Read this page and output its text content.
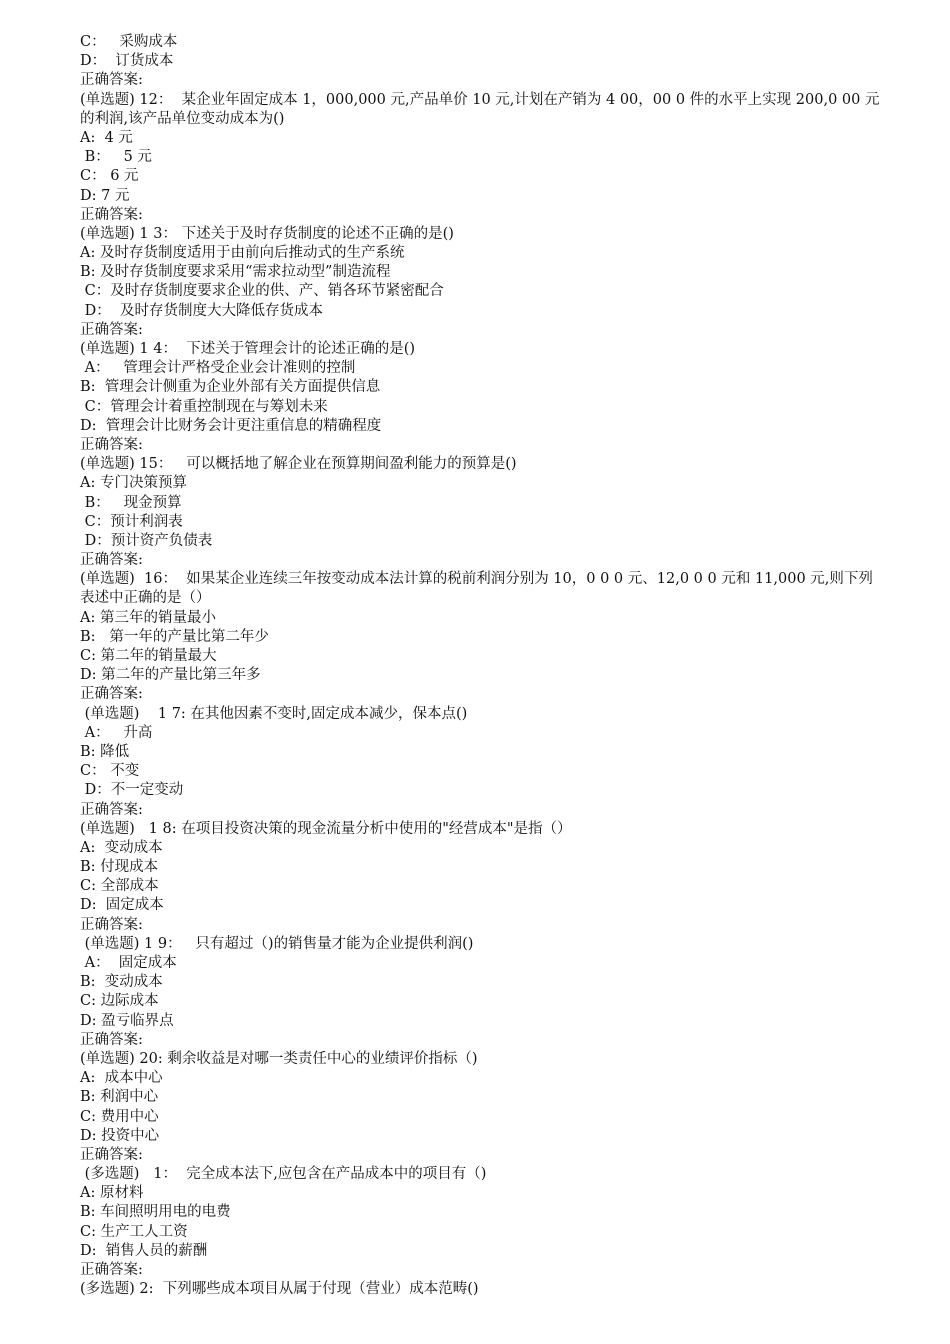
C：   采购成本
D：  订货成本
正确答案:
(单选题) 12：  某企业年固定成本 1，000,000 元,产品单价 10 元,计划在产销为 4 00，00 0 件的水平上实现 200,0 00 元的利润,该产品单位变动成本为()
A:  4 元
B：   5 元
C： 6 元
D: 7 元
正确答案:
(单选题) 1 3： 下述关于及时存货制度的论述不正确的是()
A: 及时存货制度适用于由前向后推动式的生产系统
B: 及时存货制度要求采用“需求拉动型”制造流程
C：及时存货制度要求企业的供、产、销各环节紧密配合
D：  及时存货制度大大降低存货成本
正确答案:
(单选题) 1 4：  下述关于管理会计的论述正确的是()
A：   管理会计严格受企业会计准则的控制
B:  管理会计侧重为企业外部有关方面提供信息
C：管理会计着重控制现在与筹划未来
D:  管理会计比财务会计更注重信息的精确程度
正确答案:
(单选题) 15：   可以概括地了解企业在预算期间盈利能力的预算是()
A: 专门决策预算
B：   现金预算
C：预计利润表
D：预计资产负债表
正确答案:
(单选题)  16：  如果某企业连续三年按变动成本法计算的税前利润分别为 10，0 0 0 元、12,0 0 0 元和 11,000 元,则下列表述中正确的是（）
A: 第三年的销量最小
B:   第一年的产量比第二年少
C: 第二年的销量最大
D: 第二年的产量比第三年多
正确答案:
(单选题)    1 7: 在其他因素不变时,固定成本减少，保本点()
A：   升高
B: 降低
C： 不变
D：不一定变动
正确答案:
(单选题)   1 8: 在项目投资决策的现金流量分析中使用的"经营成本"是指（）
A:  变动成本
B: 付现成本
C: 全部成本
D:  固定成本
正确答案:
(单选题) 1 9：   只有超过（)的销售量才能为企业提供利润()
A：  固定成本
B:  变动成本
C: 边际成本
D: 盈亏临界点
正确答案:
(单选题) 20: 剩余收益是对哪一类责任中心的业绩评价指标（)
A:  成本中心
B: 利润中心
C: 费用中心
D: 投资中心
正确答案:
(多选题)   1：  完全成本法下,应包含在产品成本中的项目有（)
A: 原材料
B: 车间照明用电的电费
C: 生产工人工资
D:  销售人员的薪酬
正确答案:
(多选题) 2:  下列哪些成本项目从属于付现（营业）成本范畴()
